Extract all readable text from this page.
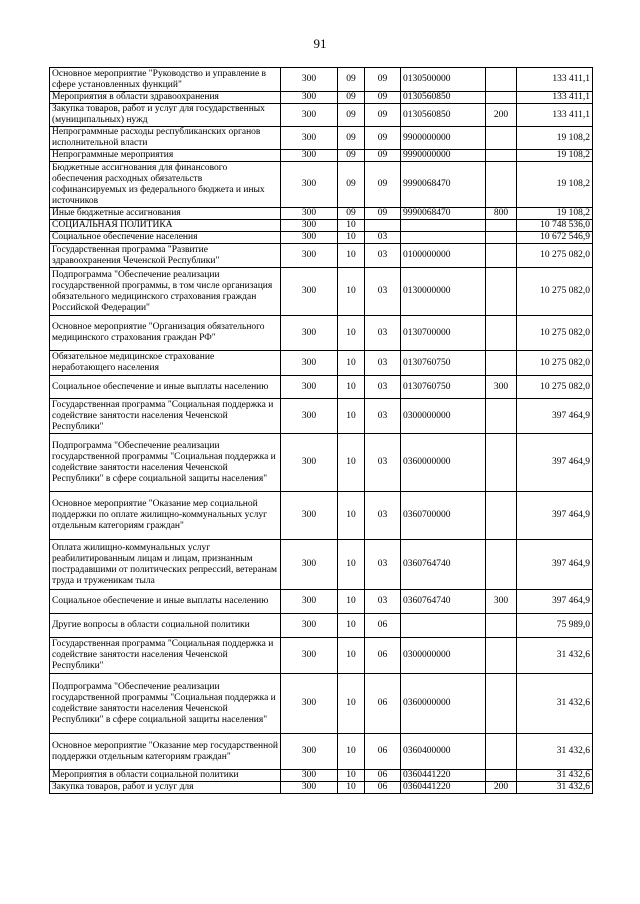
91
Основное мероприятие "Руководство и управление в сфере установленных функций"	300	09	09	0130500000		133 411,1
Мероприятия в области здравоохранения	300	09	09	0130560850		133 411,1
Закупка товаров, работ и услуг для государственных (муниципальных) нужд	300	09	09	0130560850	200	133 411,1
Непрограммные расходы республиканских органов исполнительной власти	300	09	09	9900000000		19 108,2
Непрограммные мероприятия	300	09	09	9990000000		19 108,2
Бюджетные ассигнования для финансового обеспечения расходных обязательств софинансируемых из федерального бюджета и иных источников	300	09	09	9990068470		19 108,2
Иные бюджетные ассигнования	300	09	09	9990068470	800	19 108,2
СОЦИАЛЬНАЯ ПОЛИТИКА	300	10				10 748 536,0
Социальное обеспечение населения	300	10	03			10 672 546,9
Государственная программа "Развитие здравоохранения Чеченской Республики"	300	10	03	0100000000		10 275 082,0
Подпрограмма "Обеспечение реализации государственной программы, в том числе организация обязательного медицинского страхования граждан Российской Федерации"	300	10	03	0130000000		10 275 082,0
Основное мероприятие "Организация обязательного медицинского страхования граждан РФ"	300	10	03	0130700000		10 275 082,0
Обязательное медицинское страхование неработающего населения	300	10	03	0130760750		10 275 082,0
Социальное обеспечение и иные выплаты населению	300	10	03	0130760750	300	10 275 082,0
Государственная программа "Социальная поддержка и содействие занятости населения Чеченской Республики"	300	10	03	0300000000		397 464,9
Подпрограмма "Обеспечение реализации государственной программы "Социальная поддержка и содействие занятости населения Чеченской Республики" в сфере социальной защиты населения"	300	10	03	0360000000		397 464,9
Основное мероприятие "Оказание мер социальной поддержки по оплате жилищно-коммунальных услуг отдельным категориям граждан"	300	10	03	0360700000		397 464,9
Оплата жилищно-коммунальных услуг реабилитированным лицам и лицам, признанным пострадавшими от политических репрессий, ветеранам труда и труженикам тыла	300	10	03	0360764740		397 464,9
Социальное обеспечение и иные выплаты населению	300	10	03	0360764740	300	397 464,9
Другие вопросы в области социальной политики	300	10	06			75 989,0
Государственная программа "Социальная поддержка и содействие занятости населения Чеченской Республики"	300	10	06	0300000000		31 432,6
Подпрограмма "Обеспечение реализации государственной программы "Социальная поддержка и содействие занятости населения Чеченской Республики" в сфере социальной защиты населения"	300	10	06	0360000000		31 432,6
Основное мероприятие "Оказание мер государственной поддержки отдельным категориям граждан"	300	10	06	0360400000		31 432,6
Мероприятия в области социальной политики	300	10	06	0360441220		31 432,6
Закупка товаров, работ и услуг для	300	10	06	0360441220	200	31 432,6
